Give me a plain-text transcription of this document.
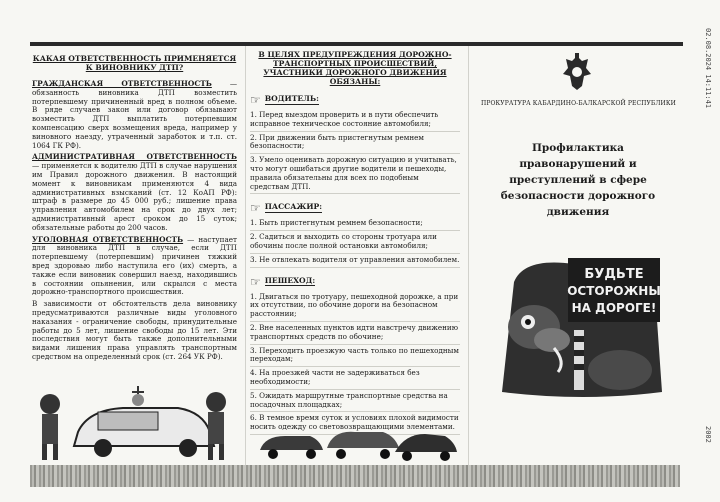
КАКАЯ ОТВЕТСТВЕННОСТЬ ПРИМЕНЯЕТСЯ К ВИНОВНИКУ ДТП?

ГРАЖДАНСКАЯ ОТВЕТСТВЕННОСТЬ — обязанность виновника ДТП возместить потерпевшему причиненный вред в полном объеме. В ряде случаев закон или договор обязывают возместить ДТП выплатить потерпевшим компенсацию сверх возмещения вреда, например у виновного наезду, утраченный заработок и т.п. ст. 1064 ГК РФ).

АДМИНИСТРАТИВНАЯ ОТВЕТСТВЕННОСТЬ — применяется к водителю ДТП в случае нарушения им Правил дорожного движения. В настоящий момент к виновникам применяются 4 вида административных взысканий (ст. 12 КоАП РФ): штраф в размере до 45 000 руб.; лишение права управления автомобилем на срок до двух лет; административный арест сроком до 15 суток; обязательные работы до 200 часов.

УГОЛОВНАЯ ОТВЕТСТВЕННОСТЬ — наступает для виновника ДТП в случае, если ДТП потерпевшему (потерпевшим) причинен тяжкий вред здоровью либо наступила его (их) смерть, а также если виновник совершил наезд, находившись в состоянии опьянения, или скрылся с места дорожно-транспортного происшествия.

В зависимости от обстоятельств дела виновнику предусматриваются различные виды уголовного наказания - ограничение свободы, принудительные работы до 5 лет, лишение свободы до 15 лет. Эти последствия могут быть также дополнительными видами лишения права управлять транспортным средством на определенный срок (ст. 264 УК РФ).

В ЦЕЛЯХ ПРЕДУПРЕЖДЕНИЯ ДОРОЖНО-ТРАНСПОРТНЫХ ПРОИСШЕСТВИЙ, УЧАСТНИКИ ДОРОЖНОГО ДВИЖЕНИЯ ОБЯЗАНЫ:
☞ ВОДИТЕЛЬ:
1. Перед выездом проверить и в пути обеспечить исправное техническое состояние автомобиля;
2. При движении быть пристегнутым ремнем безопасности;
3. Умело оценивать дорожную ситуацию и учитывать, что могут ошибаться другие водители и пешеходы, правила обязательны для всех по подобным средствам ДТП.
☞ ПАССАЖИР:
1. Быть пристегнутым ремнем безопасности;
2. Садиться и выходить со стороны тротуара или обочины после полной остановки автомобиля;
3. Не отвлекать водителя от управления автомобилем.
☞ ПЕШЕХОД:
1. Двигаться по тротуару, пешеходной дорожке, а при их отсутствии, по обочине дороги на безопасном расстоянии;
2. Вне населенных пунктов идти навстречу движению транспортных средств по обочине;
3. Переходить проезжую часть только по пешеходным переходам;
4. На проезжей части не задерживаться без необходимости;
5. Ожидать маршрутные транспортные средства на посадочных площадках;
6. В темное время суток и условиях плохой видимости носить одежду со световозвращающими элементами.
ПРОКУРАТУРА КАБАРДИНО-БАЛКАРСКОЙ РЕСПУБЛИКИ
Профилактика правонарушений и преступлений в сфере безопасности дорожного движения
БУДЬТЕ
ОСТОРОЖНЫ
НА ДОРОГЕ!
02.08.2024 14:11:41
2002
